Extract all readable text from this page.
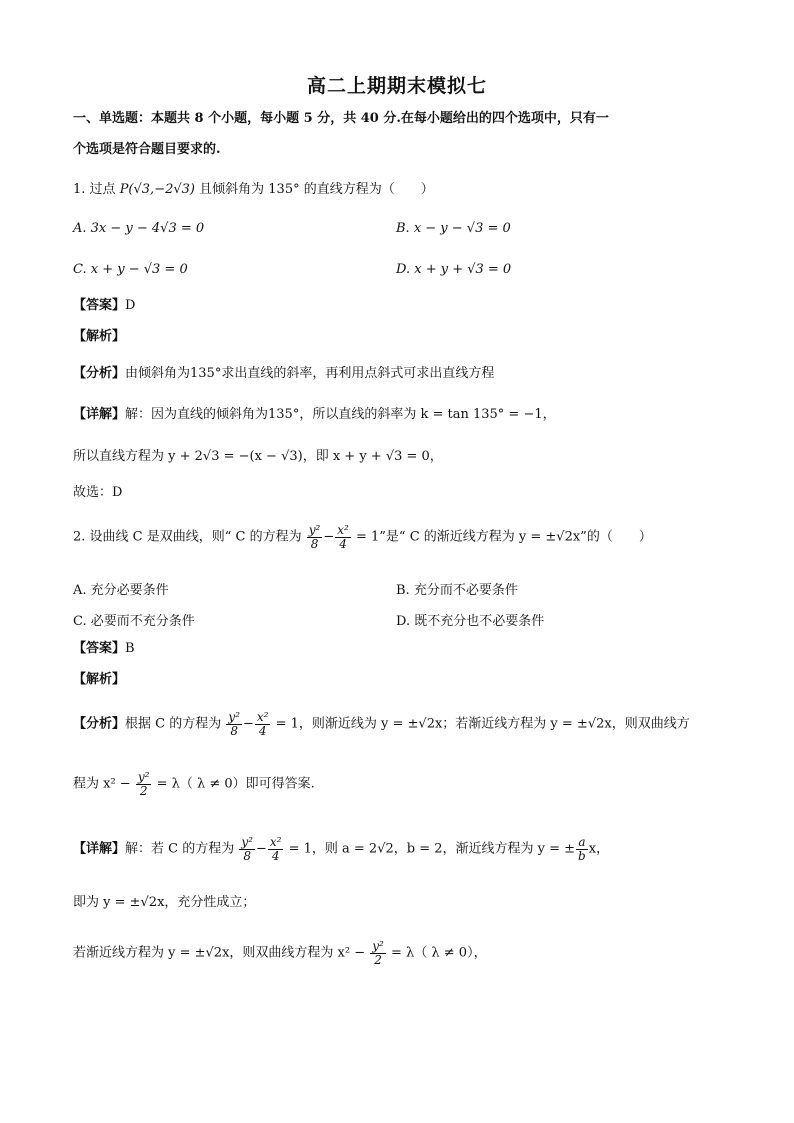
高二上期期末模拟七
一、单选题：本题共 8 个小题，每小题 5 分，共 40 分.在每小题给出的四个选项中，只有一
个选项是符合题目要求的.
1. 过点 P(√3,−2√3) 且倾斜角为 135° 的直线方程为（　　）
A. 3x − y − 4√3 = 0	B. x − y − √3 = 0
C. x + y − √3 = 0	D. x + y + √3 = 0
【答案】D
【解析】
【分析】由倾斜角为135°求出直线的斜率，再利用点斜式可求出直线方程
【详解】解：因为直线的倾斜角为135°，所以直线的斜率为 k = tan 135° = −1，
所以直线方程为 y + 2√3 = −(x − √3)，即 x + y + √3 = 0，
故选：D
2. 设曲线 C 是双曲线，则“ C 的方程为 $\frac{\text{y²}}{8} - \frac{\text{x²}}{4} = 1$”是“ C 的渐近线方程为 y = ±√2x”的（　　）
A. 充分必要条件	B. 充分而不必要条件
C. 必要而不充分条件	D. 既不充分也不必要条件
【答案】B
【解析】
【分析】根据 C 的方程为 $\frac{\text{y²}}{8} - \frac{\text{x²}}{4} = 1$，则渐近线为 y = ±√2x；若渐近线方程为 y = ±√2x，则双曲线方
程为 $x^2 - \frac{\text{y²}}{2} = \lambda$（ λ ≠ 0）即可得答案.
【详解】解：若 C 的方程为 $\frac{\text{y²}}{8} - \frac{\text{x²}}{4} = 1$，则 a = 2√2，b = 2，渐近线方程为 y = ± $\frac{a}{b}$ x，
即为 y = ±√2x，充分性成立；
若渐近线方程为 y = ±√2x，则双曲线方程为 $x^2 - \frac{\text{y²}}{2} = \lambda$（ λ ≠ 0），
